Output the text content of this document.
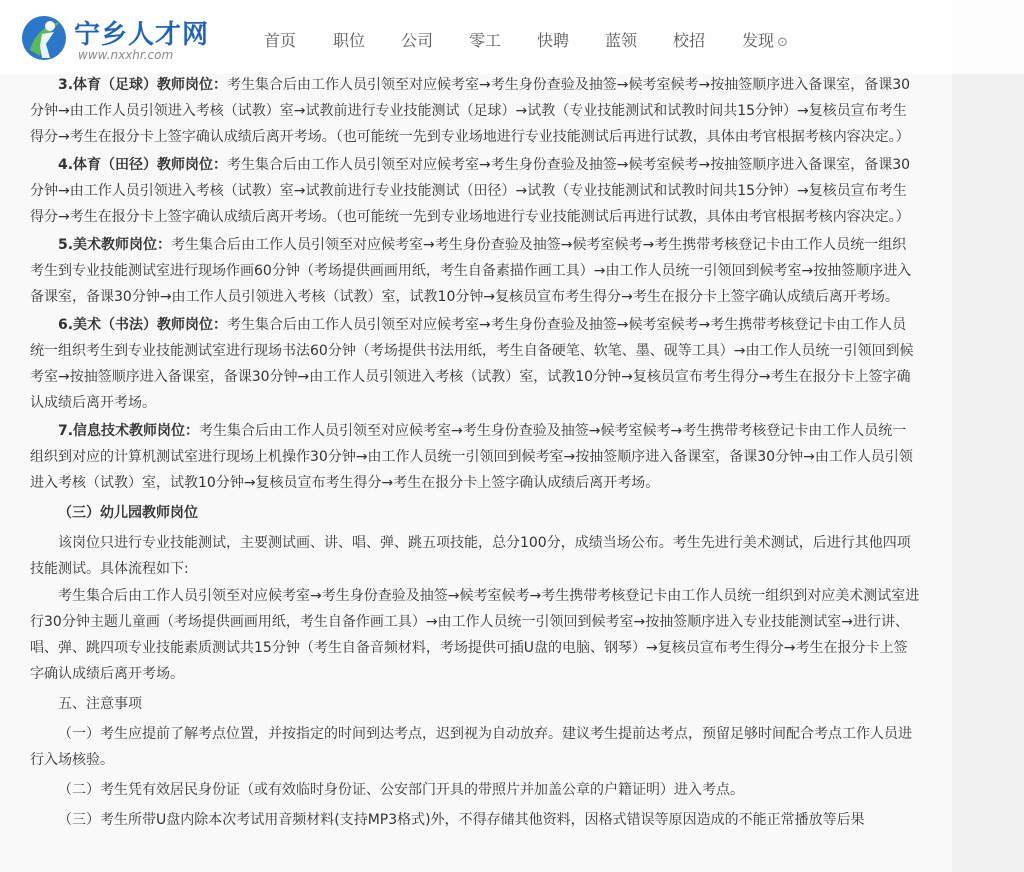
3.体育（足球）教师岗位：考生集合后由工作人员引领至对应候考室→考生身份查验及抽签→候考室候考→按抽签顺序进入备课室，备课30分钟→由工作人员引领进入考核（试教）室→试教前进行专业技能测试（足球）→试教（专业技能测试和试教时间共15分钟）→复核员宣布考生得分→考生在报分卡上签字确认成绩后离开考场。（也可能统一先到专业场地进行专业技能测试后再进行试教，具体由考官根据考核内容决定。）

4.体育（田径）教师岗位：考生集合后由工作人员引领至对应候考室→考生身份查验及抽签→候考室候考→按抽签顺序进入备课室，备课30分钟→由工作人员引领进入考核（试教）室→试教前进行专业技能测试（田径）→试教（专业技能测试和试教时间共15分钟）→复核员宣布考生得分→考生在报分卡上签字确认成绩后离开考场。（也可能统一先到专业场地进行专业技能测试后再进行试教，具体由考官根据考核内容决定。）

5.美术教师岗位：考生集合后由工作人员引领至对应候考室→考生身份查验及抽签→候考室候考→考生携带考核登记卡由工作人员统一组织考生到专业技能测试室进行现场作画60分钟（考场提供画画用纸，考生自备素描作画工具）→由工作人员统一引领回到候考室→按抽签顺序进入备课室，备课30分钟→由工作人员引领进入考核（试教）室，试教10分钟→复核员宣布考生得分→考生在报分卡上签字确认成绩后离开考场。

6.美术（书法）教师岗位：考生集合后由工作人员引领至对应候考室→考生身份查验及抽签→候考室候考→考生携带考核登记卡由工作人员统一组织考生到专业技能测试室进行现场书法60分钟（考场提供书法用纸，考生自备硬笔、软笔、墨、砚等工具）→由工作人员统一引领回到候考室→按抽签顺序进入备课室，备课30分钟→由工作人员引领进入考核（试教）室，试教10分钟→复核员宣布考生得分→考生在报分卡上签字确认成绩后离开考场。

7.信息技术教师岗位：考生集合后由工作人员引领至对应候考室→考生身份查验及抽签→候考室候考→考生携带考核登记卡由工作人员统一组织到对应的计算机测试室进行现场上机操作30分钟→由工作人员统一引领回到候考室→按抽签顺序进入备课室，备课30分钟→由工作人员引领进入考核（试教）室，试教10分钟→复核员宣布考生得分→考生在报分卡上签字确认成绩后离开考场。

（三）幼儿园教师岗位

该岗位只进行专业技能测试，主要测试画、讲、唱、弹、跳五项技能，总分100分，成绩当场公布。考生先进行美术测试，后进行其他四项技能测试。具体流程如下:

考生集合后由工作人员引领至对应候考室→考生身份查验及抽签→候考室候考→考生携带考核登记卡由工作人员统一组织到对应美术测试室进行30分钟主题儿童画（考场提供画画用纸，考生自备作画工具）→由工作人员统一引领回到候考室→按抽签顺序进入专业技能测试室→进行讲、唱、弹、跳四项专业技能素质测试共15分钟（考生自备音频材料，考场提供可插U盘的电脑、钢琴）→复核员宣布考生得分→考生在报分卡上签字确认成绩后离开考场。

五、注意事项

（一）考生应提前了解考点位置，并按指定的时间到达考点，迟到视为自动放弃。建议考生提前达考点，预留足够时间配合考点工作人员进行入场核验。

（二）考生凭有效居民身份证（或有效临时身份证、公安部门开具的带照片并加盖公章的户籍证明）进入考点。

（三）考生所带U盘内除本次考试用音频材料(支持MP3格式)外，不得存储其他资料，因格式错误等原因造成的不能正常播放等后果

宁乡人才网
www.nxxhr.com
首页 职位 公司 零工 快聘 蓝领 校招 发现 ⊙
